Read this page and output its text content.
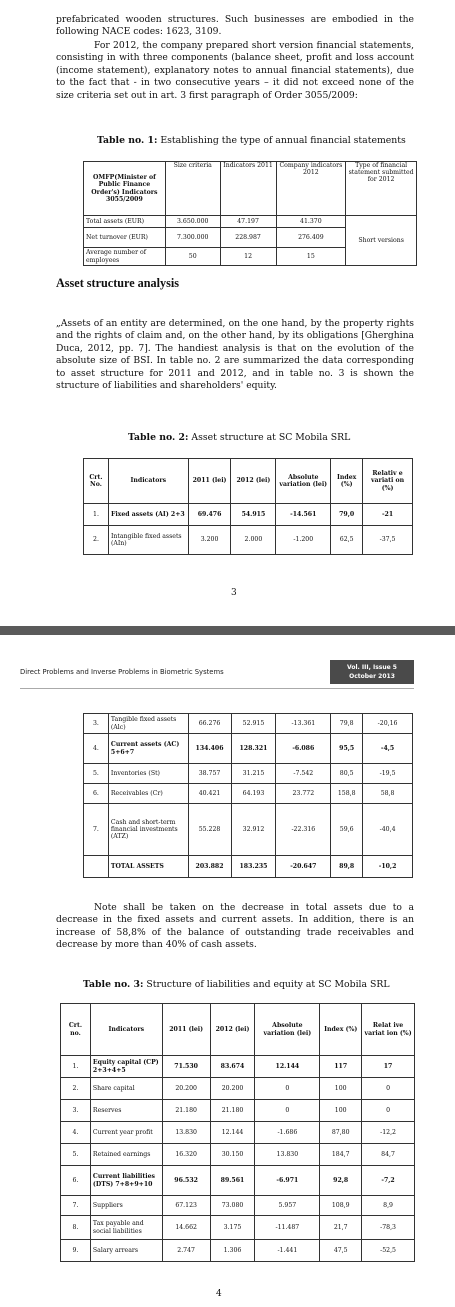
prefabricated wooden structures. Such businesses are embodied in the following NACE codes: 1623, 3109.
For 2012, the company prepared short version financial statements, consisting in with three components (balance sheet, profit and loss account (income statement), explanatory notes to annual financial statements), due to the fact that - in two consecutive years – it did not exceed none of the size criteria set out in art. 3 first paragraph of Order 3055/2009:
Table no. 1: Establishing the type of annual financial statements
OMFP(Minister of Public Finance Order's) Indicators 3055/2009	Size criteria	Indicators 2011	Company indicators 2012	Type of financial statement submitted for 2012
Total assets (EUR)	3.650.000	47.197	41.370	Short versions
Net turnover (EUR)	7.300.000	228.987	276.409	
Average number of employees	50	12	15	
Asset structure analysis
„Assets of an entity are determined, on the one hand, by the property rights and the rights of claim and, on the other hand, by its obligations [Gherghina Duca, 2012, pp. 7]. The handiest analysis is that on the evolution of the absolute size of BSI. In table no. 2 are summarized the data corresponding to asset structure for 2011 and 2012, and in table no. 3 is shown the structure of liabilities and shareholders' equity.
Table no. 2: Asset structure at SC Mobila SRL
Crt. No.	Indicators	2011 (lei)	2012 (lei)	Absolute variation (lei)	Index (%)	Relativ e variati on (%)
1.	Fixed assets (AI) 2+3	69.476	54.915	-14.561	79,0	-21
2.	Intangible fixed assets (AIn)	3.200	2.000	-1.200	62,5	-37,5
3
Direct Problems and Inverse Problems in Biometric Systems
Vol. III, Issue 5
October 2013
3.	Tangible fixed assets (Alc)	66.276	52.915	-13.361	79,8	-20,16
4.	Current assets (AC) 5+6+7	134.406	128.321	-6.086	95,5	-4,5
5.	Inventories (St)	38.757	31.215	-7.542	80,5	-19,5
6.	Receivables (Cr)	40.421	64.193	23.772	158,8	58,8
7.	Cash and short-term financial investments (ATZ)	55.228	32.912	-22.316	59,6	-40,4
	TOTAL ASSETS	203.882	183.235	-20.647	89,8	-10,2
Note shall be taken on the decrease in total assets due to a decrease in the fixed assets and current assets. In addition, there is an increase of 58,8% of the balance of outstanding trade receivables and decrease by more than 40% of cash assets.
Table no. 3: Structure of liabilities and equity at SC Mobila SRL
Crt. no.	Indicators	2011 (lei)	2012 (lei)	Absolute variation (lei)	Index (%)	Relat ive variat ion (%)
1.	Equity capital (CP) 2+3+4+5	71.530	83.674	12.144	117	17
2.	Share capital	20.200	20.200	0	100	0
3.	Reserves	21.180	21.180	0	100	0
4.	Current year profit	13.830	12.144	-1.686	87,80	-12,2
5.	Retained earnings	16.320	30.150	13.830	184,7	84,7
6.	Current liabilities (DTS) 7+8+9+10	96.532	89.561	-6.971	92,8	-7,2
7.	Suppliers	67.123	73.080	5.957	108,9	8,9
8.	Tax payable and social liabilities	14.662	3.175	-11.487	21,7	-78,3
9.	Salary arrears	2.747	1.306	-1.441	47,5	-52,5
4
